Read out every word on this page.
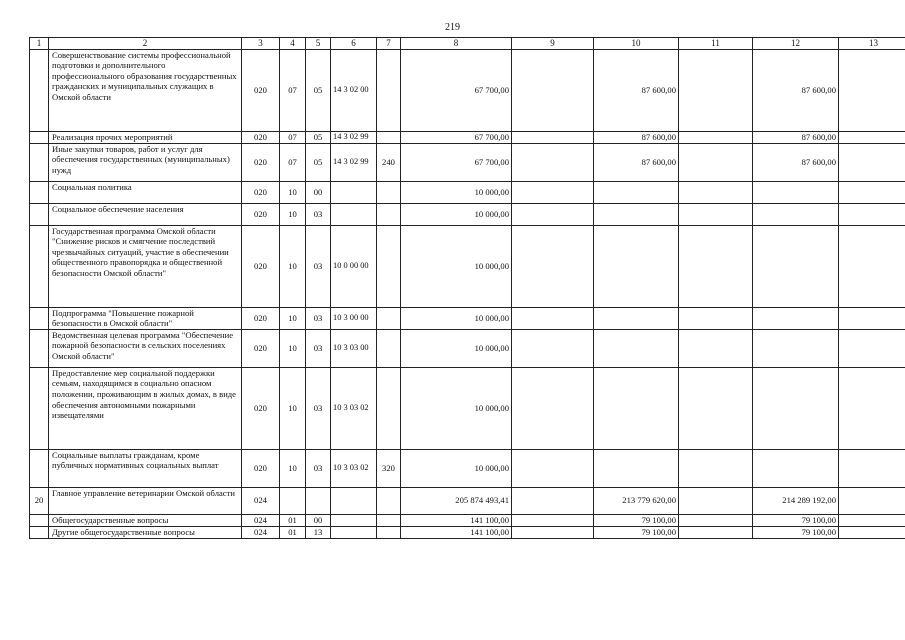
219
1	2	3	4	5	6	7	8	9	10	11	12	13
	Совершенствование системы профессиональной подготовки и дополнительного профессионального образования государственных гражданских и муниципальных служащих в Омской области	020	07	05	14 3 02 00		67 700,00		87 600,00		87 600,00	
	Реализация прочих мероприятий	020	07	05	14 3 02 99		67 700,00		87 600,00		87 600,00	
	Иные закупки товаров, работ и услуг для обеспечения государственных (муниципальных) нужд	020	07	05	14 3 02 99	240	67 700,00		87 600,00		87 600,00	
	Социальная политика	020	10	00			10 000,00					
	Социальное обеспечение населения	020	10	03			10 000,00					
	Государственная программа Омской области "Снижение рисков и смягчение последствий чрезвычайных ситуаций, участие в обеспечении общественного правопорядка и общественной безопасности Омской области"	020	10	03	10 0 00 00		10 000,00					
	Подпрограмма "Повышение пожарной безопасности в Омской области"	020	10	03	10 3 00 00		10 000,00					
	Ведомственная целевая программа "Обеспечение пожарной безопасности в сельских поселениях Омской области"	020	10	03	10 3 03 00		10 000,00					
	Предоставление мер социальной поддержки семьям, находящимся в социально опасном положении, проживающим в жилых домах, в виде обеспечения автономными пожарными извещателями	020	10	03	10 3 03 02		10 000,00					
	Социальные выплаты гражданам, кроме публичных нормативных социальных выплат	020	10	03	10 3 03 02	320	10 000,00					
20	Главное управление ветеринарии Омской области	024					205 874 493,41		213 779 620,00		214 289 192,00	
	Общегосударственные вопросы	024	01	00			141 100,00		79 100,00		79 100,00	
	Другие общегосударственные вопросы	024	01	13			141 100,00		79 100,00		79 100,00	
